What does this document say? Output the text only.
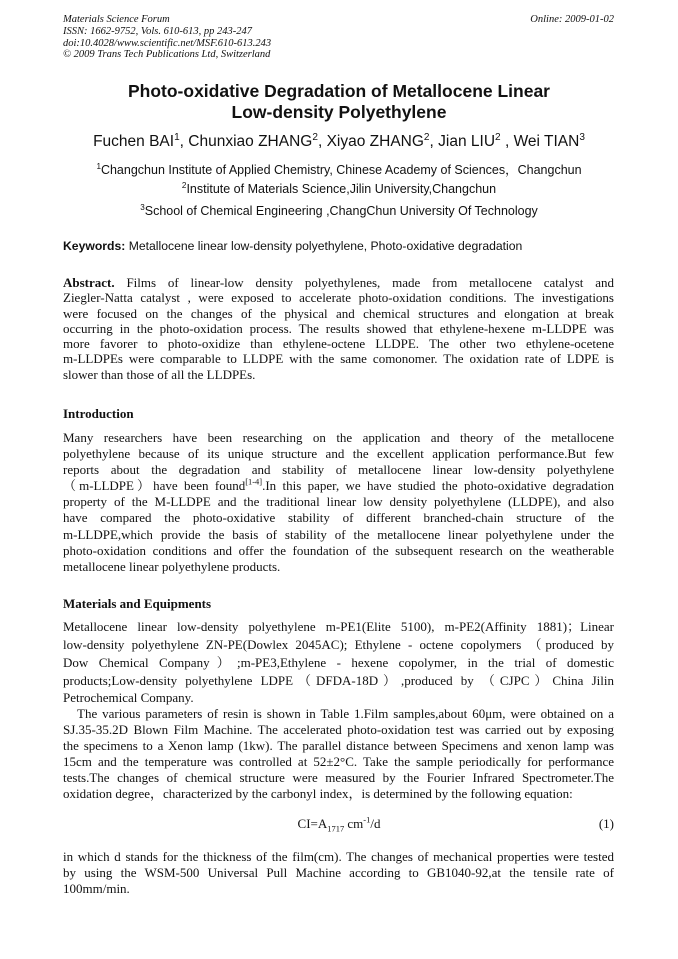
Materials Science Forum
ISSN: 1662-9752, Vols. 610-613, pp 243-247
doi:10.4028/www.scientific.net/MSF.610-613.243
© 2009 Trans Tech Publications Ltd, Switzerland
Online: 2009-01-02
Photo-oxidative Degradation of Metallocene Linear
Low-density Polyethylene
Fuchen BAI$^1$, Chunxiao ZHANG$^2$, Xiyao ZHANG$^2$, Jian LIU$^2$ , Wei TIAN$^3$
$^1$Changchun Institute of Applied Chemistry, Chinese Academy of Sciences，Changchun
$^2$Institute of Materials Science,Jilin University,Changchun
$^3$School of Chemical Engineering ,ChangChun University Of Technology
Keywords: Metallocene linear low-density polyethylene, Photo-oxidative degradation
Abstract. Films of linear-low density polyethylenes, made from metallocene catalyst and
Ziegler-Natta catalyst , were exposed to accelerate photo-oxidation conditions. The investigations
were focused on the changes of the physical and chemical structures and elongation at break
occurring in the photo-oxidation process. The results showed that ethylene-hexene m-LLDPE was
more favorer to photo-oxidize than ethylene-octene LLDPE. The other two ethylene-ocetene
m-LLDPEs were comparable to LLDPE with the same comonomer. The oxidation rate of LDPE is
slower than those of all the LLDPEs.
Introduction
Many researchers have been researching on the application and theory of the metallocene
polyethylene because of its unique structure and the excellent application performance.But few
reports about the degradation and stability of metallocene linear low-density polyethylene
（m-LLDPE）have been found[1-4].In this paper, we have studied the photo-oxidative degradation
property of the M-LLDPE and the traditional linear low density polyethylene (LLDPE), and also
have compared the photo-oxidative stability of different branched-chain structure of the
m-LLDPE,which provide the basis of stability of the metallocene linear polyethylene under the
photo-oxidation conditions and offer the foundation of the subsequent research on the weatherable
metallocene linear polyethylene products.
Materials and Equipments
Metallocene linear low-density polyethylene m-PE1(Elite 5100), m-PE2(Affinity 1881)；Linear
low-density polyethylene ZN-PE(Dowlex 2045AC); Ethylene - octene copolymers （produced by
Dow Chemical Company）;m-PE3,Ethylene - hexene copolymer, in the trial of domestic
products;Low-density polyethylene LDPE（DFDA-18D）,produced by （CJPC）China Jilin
Petrochemical Company.
The various parameters of resin is shown in Table 1.Film samples,about 60μm, were obtained on a
SJ.35-35.2D Blown Film Machine. The accelerated photo-oxidation test was carried out by exposing
the specimens to a Xenon lamp (1kw). The parallel distance between Specimens and xenon lamp was
15cm and the temperature was controlled at 52±2°C. Take the sample periodically for performance
tests.The changes of chemical structure were measured by the Fourier Infrared Spectrometer.The
oxidation degree，characterized by the carbonyl index，is determined by the following equation:
$CI=A_{1717}$ $cm^{-1}/d$	(1)
in which d stands for the thickness of the film(cm). The changes of mechanical properties were tested
by using the WSM-500 Universal Pull Machine according to GB1040-92,at the tensile rate of
100mm/min.
